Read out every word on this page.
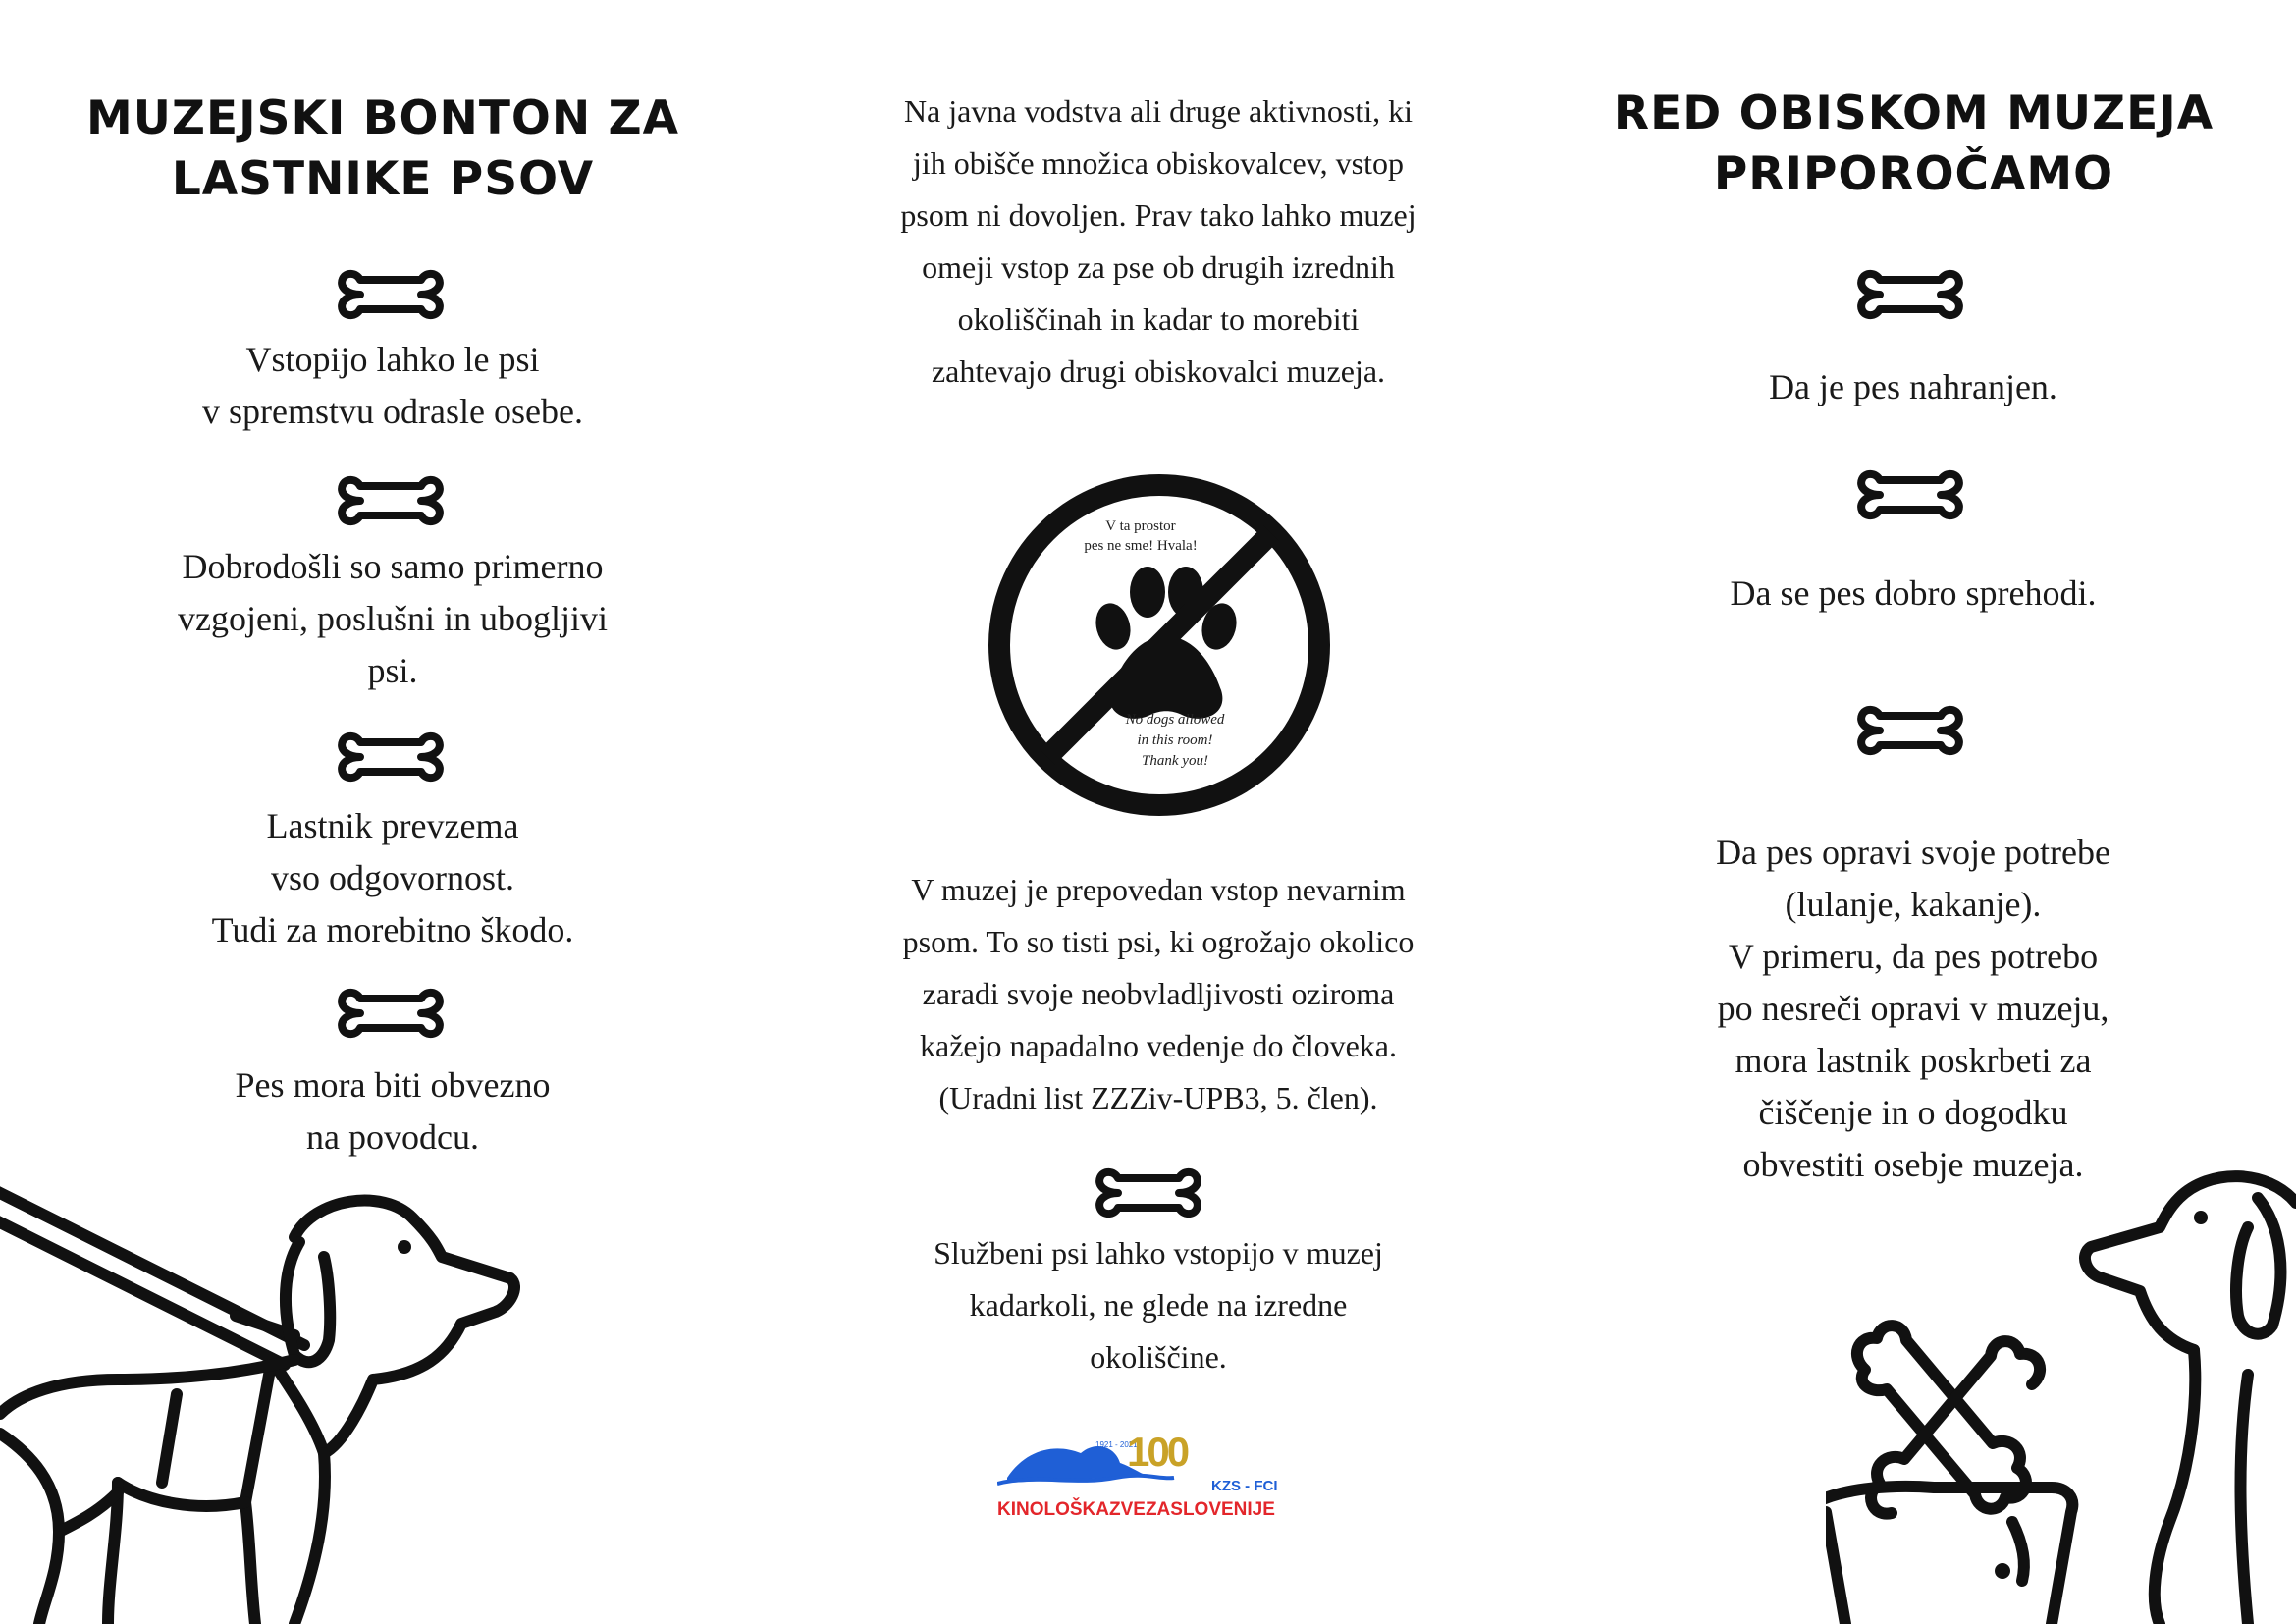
MUZEJSKI BONTON ZA
LASTNIKE PSOV
Vstopijo lahko le psi
v spremstvu odrasle osebe.
Dobrodošli so samo primerno
vzgojeni, poslušni in ubogljivi
psi.
Lastnik prevzema
vso odgovornost.
Tudi za morebitno škodo.
Pes mora biti obvezno
na povodcu.
Na javna vodstva ali druge aktivnosti, ki
jih obišče množica obiskovalcev, vstop
psom ni dovoljen. Prav tako lahko muzej
omeji vstop za pse ob drugih izrednih
okoliščinah in kadar to morebiti
zahtevajo drugi obiskovalci muzeja.
V ta prostor
pes ne sme! Hvala!
No dogs allowed
in this room!
Thank you!
V muzej je prepovedan vstop nevarnim
psom. To so tisti psi, ki ogrožajo okolico
zaradi svoje neobvladljivosti oziroma
kažejo napadalno vedenje do človeka.
(Uradni list ZZZiv-UPB3, 5. člen).
Službeni psi lahko vstopijo v muzej
kadarkoli, ne glede na izredne
okoliščine.
1921 - 2021
100
KZS - FCI
KINOLOŠKAZVEZASLOVENIJE
RED OBISKOM MUZEJA
PRIPOROČAMO
Da je pes nahranjen.
Da se pes dobro sprehodi.
Da pes opravi svoje potrebe
(lulanje, kakanje).
V primeru, da pes potrebo
po nesreči opravi v muzeju,
mora lastnik poskrbeti za
čiščenje in o dogodku
obvestiti osebje muzeja.
